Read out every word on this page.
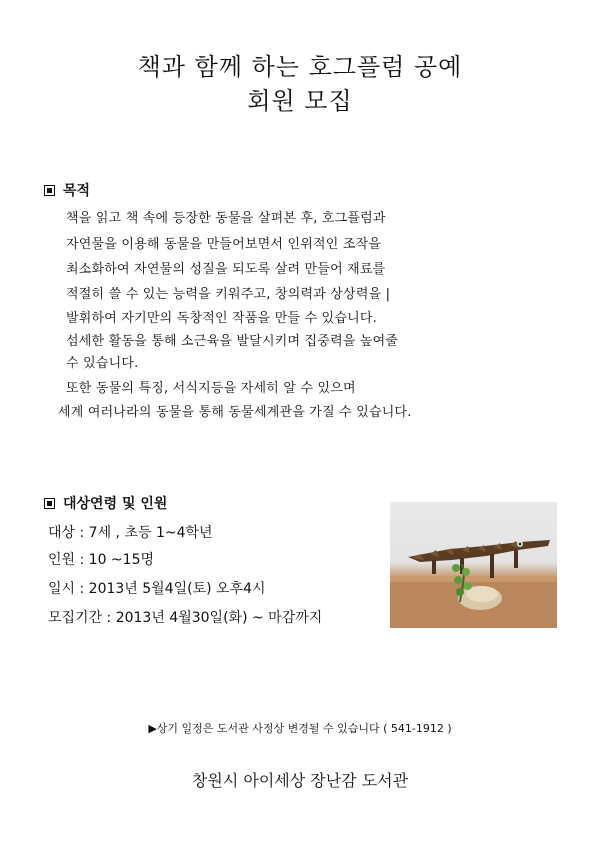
책과 함께 하는 호그플럼 공예
회원 모집
목적
책을 읽고 책 속에 등장한 동물을 살펴본 후, 호그플럼과
자연물을 이용해 동물을 만들어보면서 인위적인 조작을
최소화하여 자연물의 성질을 되도록 살려 만들어 재료를
적절히 쓸 수 있는 능력을 키워주고, 창의력과 상상력을 |
발휘하여 자기만의 독창적인 작품을 만들 수 있습니다.
섬세한 활동을 통해 소근육을 발달시키며 집중력을 높여줄
수 있습니다.
또한 동물의 특징, 서식지등을 자세히 알 수 있으며
세계 여러나라의 동물을 통해 동물세계관을 가질 수 있습니다.
대상연령 및 인원
대상 : 7세 , 초등 1~4학년
인원 : 10 ~15명
일시 : 2013년 5월4일(토) 오후4시
모집기간 : 2013년 4월30일(화) ~ 마감까지
▶상기 일정은 도서관 사정상 변경될 수 있습니다 ( 541-1912 )
창원시 아이세상 장난감 도서관
